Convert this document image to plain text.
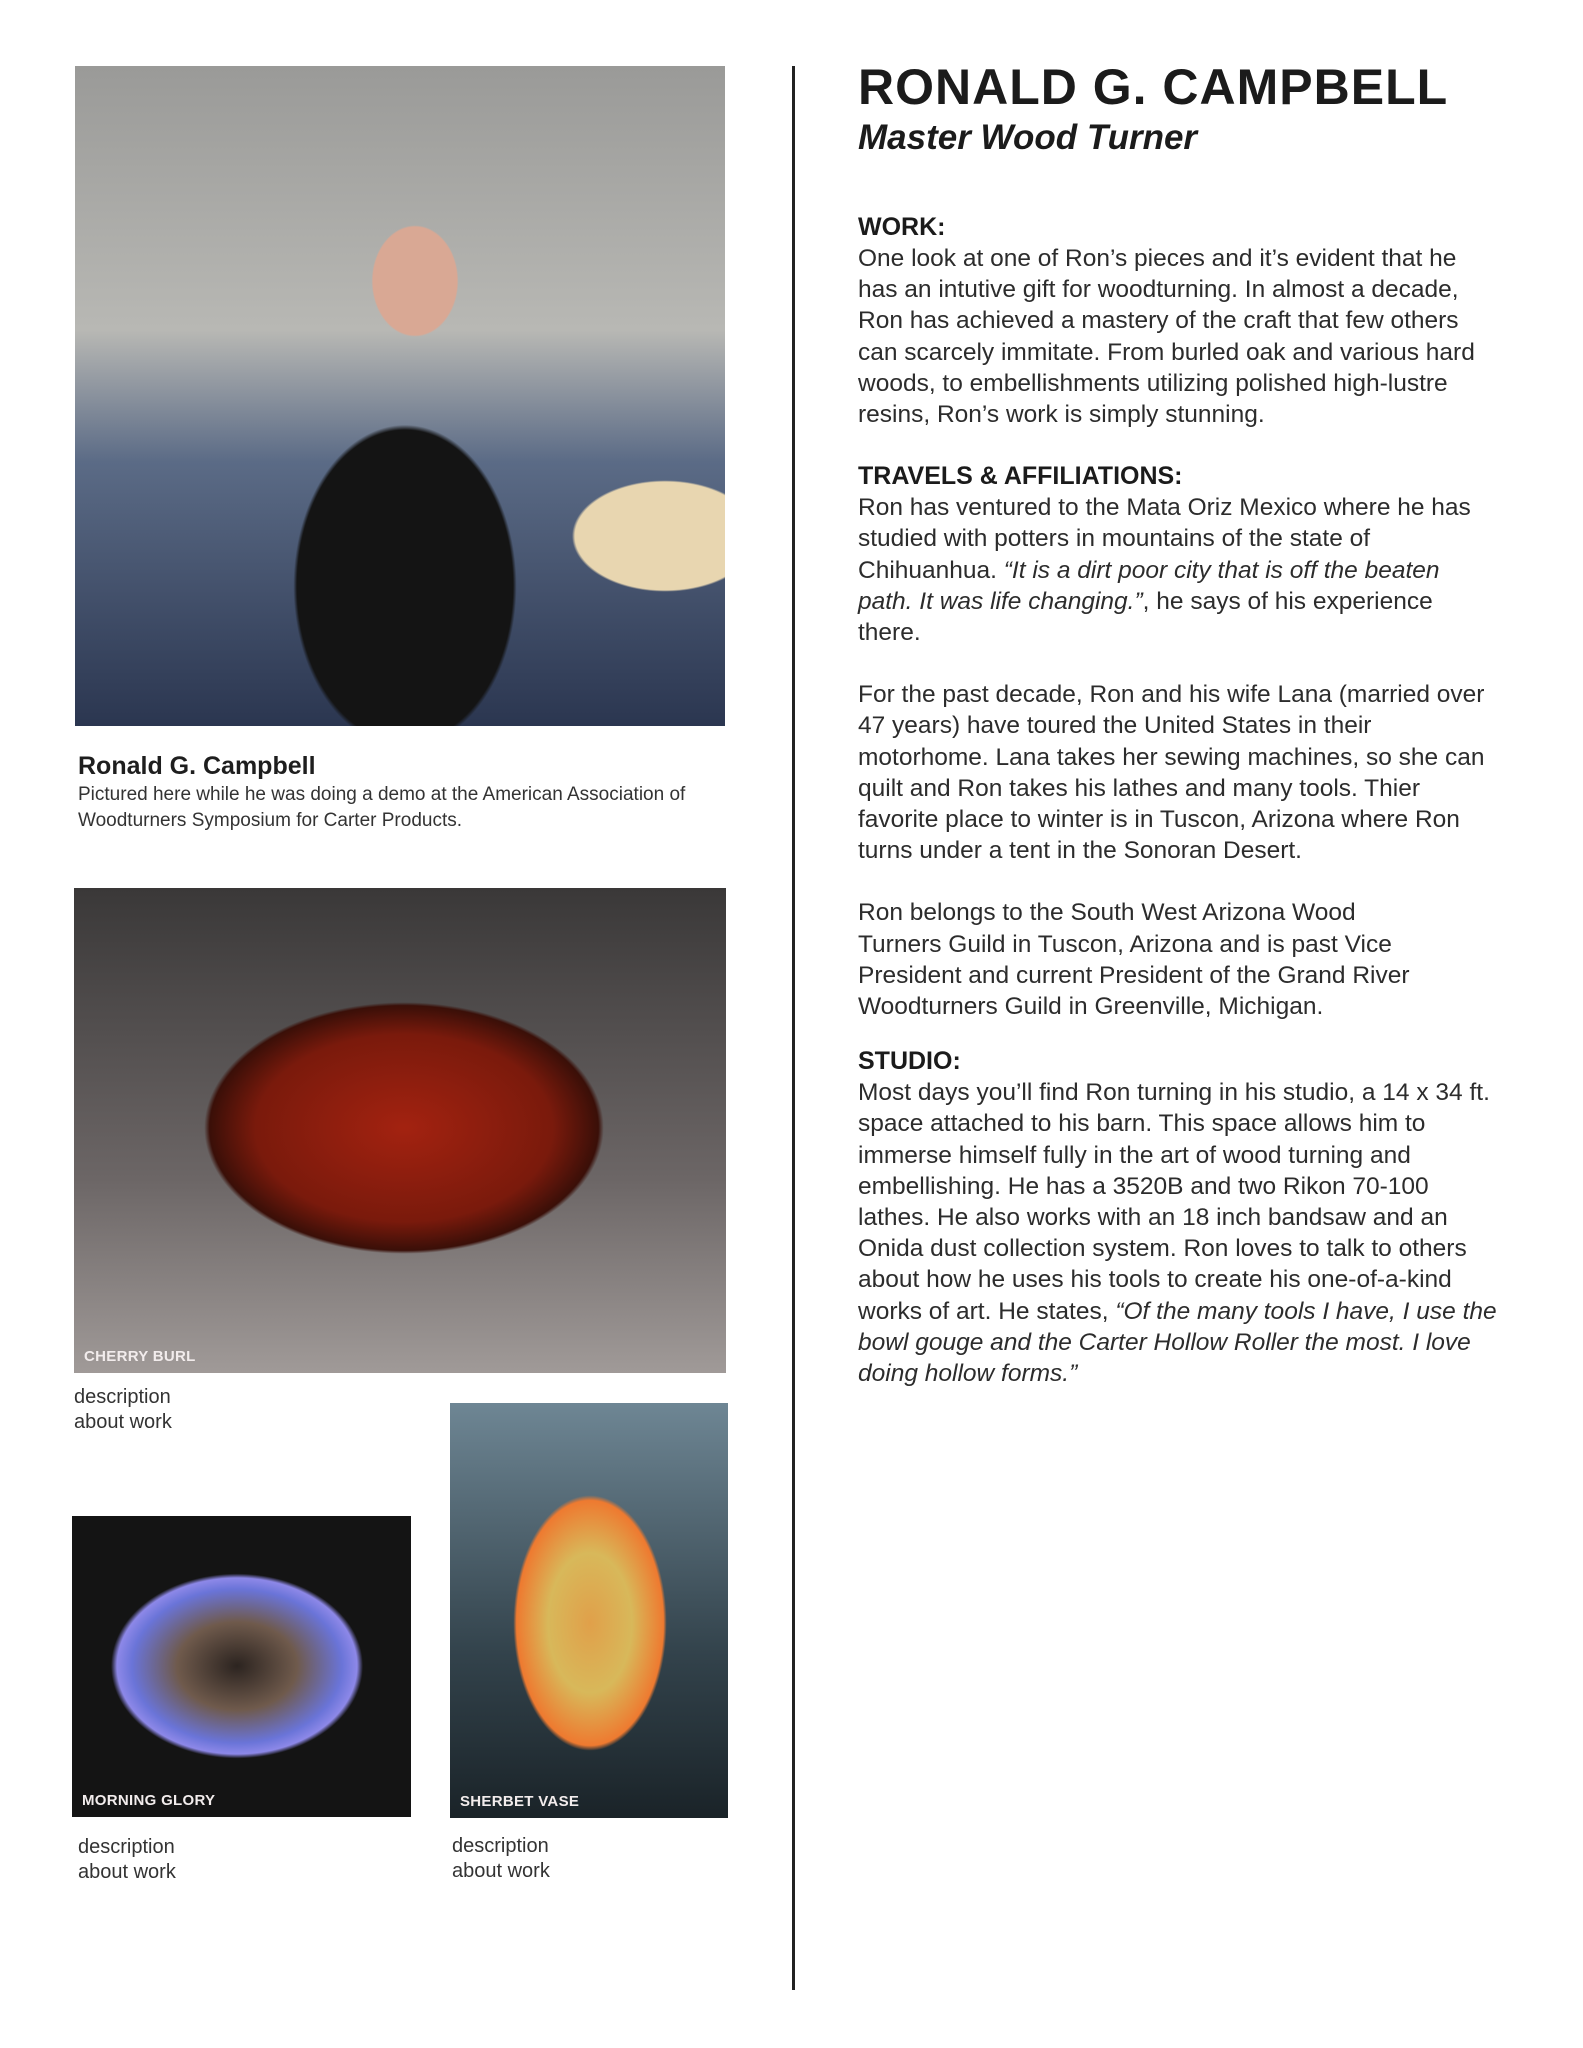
Ronald G. Campbell
Pictured here while he was doing a demo at the American Association of Woodturners Symposium for Carter Products.
CHERRY BURL
description about work
MORNING GLORY
description about work
SHERBET VASE
description about work
RONALD G. CAMPBELL
Master Wood Turner
WORK:

One look at one of Ron’s pieces and it’s evident that he has an intutive gift for woodturning. In almost a decade, Ron has achieved a mastery of the craft that few others can scarcely immitate. From burled oak and various hard woods, to embellishments utilizing polished high-lustre resins, Ron’s work is simply stunning.

TRAVELS & AFFILIATIONS:

Ron has ventured to the Mata Oriz Mexico where he has studied with potters in mountains of the state of Chihuanhua. “It is a dirt poor city that is off the beaten path. It was life changing.”, he says of his experience there.

For the past decade, Ron and his wife Lana (married over 47 years) have toured the United States in their motorhome. Lana takes her sewing machines, so she can quilt and Ron takes his lathes and many tools. Thier favorite place to winter is in Tuscon, Arizona where Ron turns under a tent in the Sonoran Desert.

Ron belongs to the South West Arizona Wood Turners Guild in Tuscon, Arizona and is past Vice President and current President of the Grand River Woodturners Guild in Greenville, Michigan.

STUDIO:

Most days you’ll find Ron turning in his studio, a 14 x 34 ft. space attached to his barn. This space allows him to immerse himself fully in the art of wood turning and embellishing. He has a 3520B and two Rikon 70-100 lathes. He also works with an 18 inch bandsaw and an Onida dust collection system. Ron loves to talk to others about how he uses his tools to create his one-of-a-kind works of art. He states, “Of the many tools I have, I use the bowl gouge and the Carter Hollow Roller the most. I love doing hollow forms.”
